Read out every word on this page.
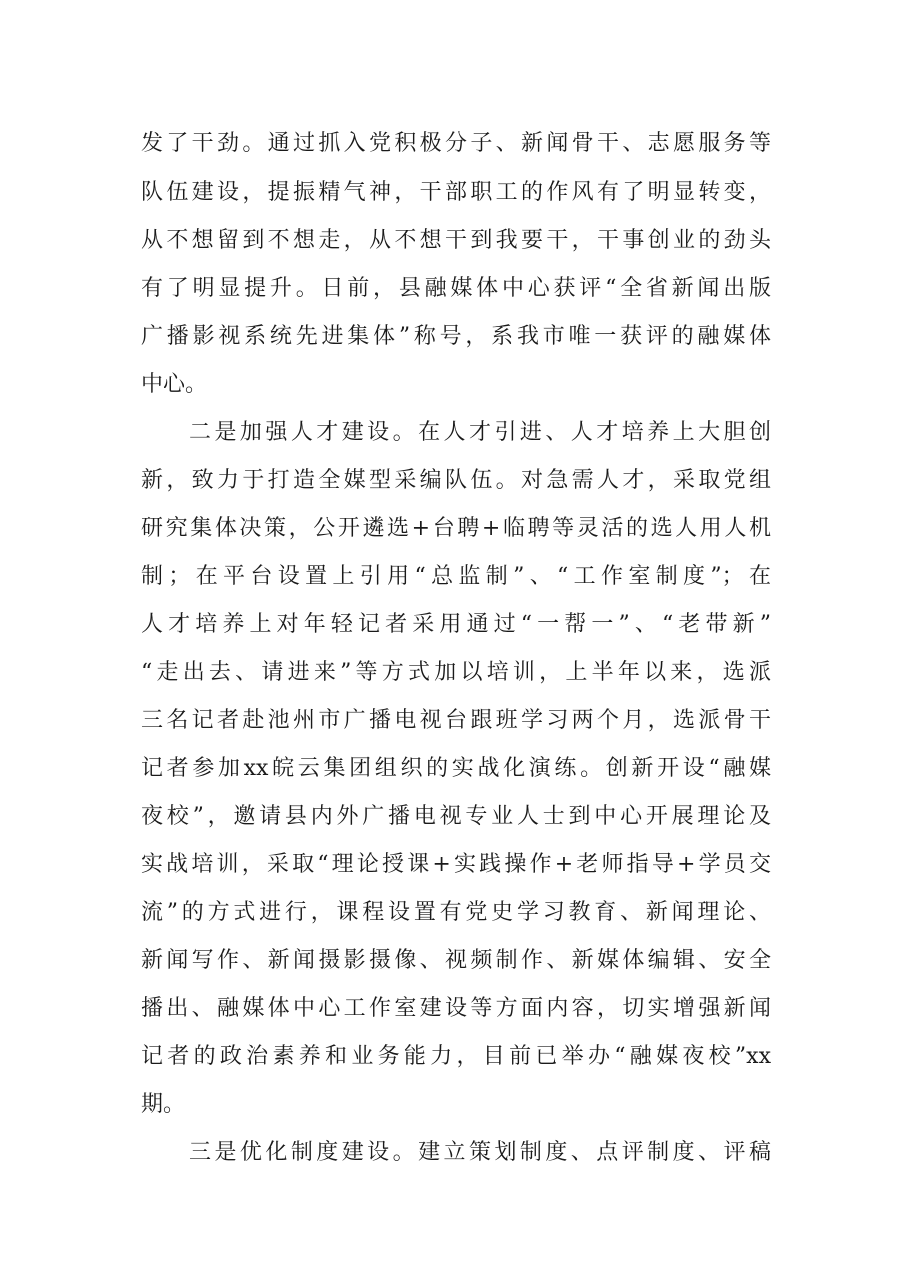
发了干劲。通过抓入党积极分子、新闻骨干、志愿服务等
队伍建设，提振精气神，干部职工的作风有了明显转变，
从不想留到不想走，从不想干到我要干，干事创业的劲头
有了明显提升。日前，县融媒体中心获评“全省新闻出版
广播影视系统先进集体”称号，系我市唯一获评的融媒体
中心。
二是加强人才建设。在人才引进、人才培养上大胆创
新，致力于打造全媒型采编队伍。对急需人才，采取党组
研究集体决策，公开遴选+台聘+临聘等灵活的选人用人机
制；在平台设置上引用“总监制”、“工作室制度”；在
人才培养上对年轻记者采用通过“一帮一”、“老带新”
“走出去、请进来”等方式加以培训，上半年以来，选派
三名记者赴池州市广播电视台跟班学习两个月，选派骨干
记者参加xx皖云集团组织的实战化演练。创新开设“融媒
夜校”，邀请县内外广播电视专业人士到中心开展理论及
实战培训，采取“理论授课+实践操作+老师指导+学员交
流”的方式进行，课程设置有党史学习教育、新闻理论、
新闻写作、新闻摄影摄像、视频制作、新媒体编辑、安全
播出、融媒体中心工作室建设等方面内容，切实增强新闻
记者的政治素养和业务能力，目前已举办“融媒夜校”xx
期。
三是优化制度建设。建立策划制度、点评制度、评稿
